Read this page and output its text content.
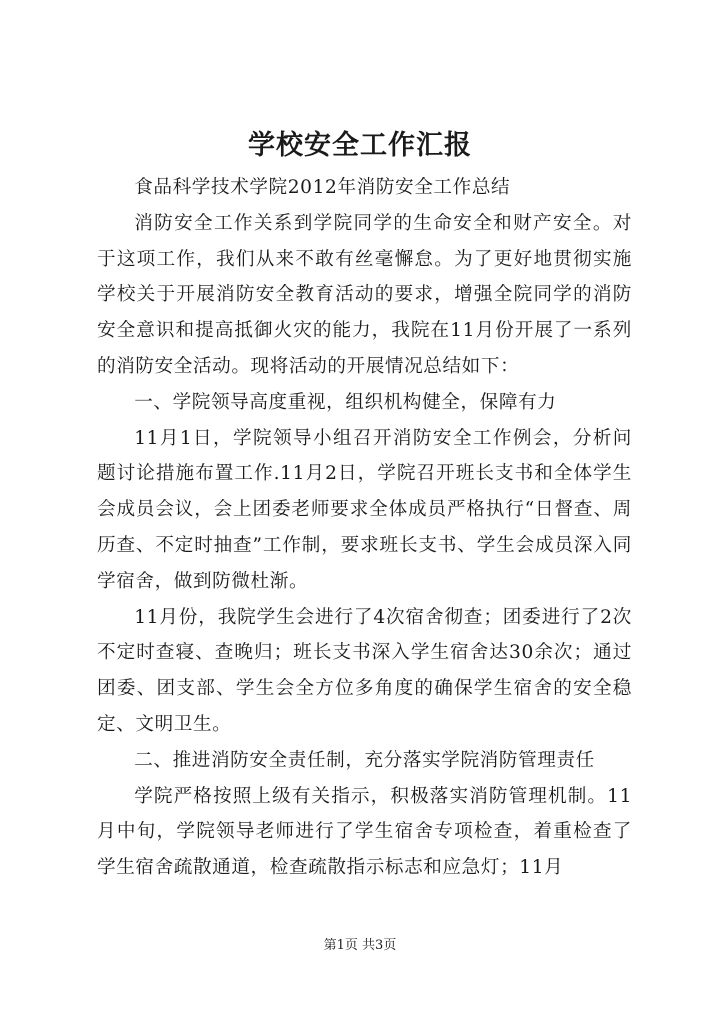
学校安全工作汇报

食品科学技术学院2012年消防安全工作总结

消防安全工作关系到学院同学的生命安全和财产安全。对于这项工作，我们从来不敢有丝毫懈怠。为了更好地贯彻实施学校关于开展消防安全教育活动的要求，增强全院同学的消防安全意识和提高抵御火灾的能力，我院在11月份开展了一系列的消防安全活动。现将活动的开展情况总结如下：

一、学院领导高度重视，组织机构健全，保障有力

11月1日，学院领导小组召开消防安全工作例会，分析问题讨论措施布置工作.11月2日，学院召开班长支书和全体学生会成员会议，会上团委老师要求全体成员严格执行“日督查、周历查、不定时抽查”工作制，要求班长支书、学生会成员深入同学宿舍，做到防微杜渐。

11月份，我院学生会进行了4次宿舍彻查；团委进行了2次不定时查寝、查晚归；班长支书深入学生宿舍达30余次；通过团委、团支部、学生会全方位多角度的确保学生宿舍的安全稳定、文明卫生。

二、推进消防安全责任制，充分落实学院消防管理责任

学院严格按照上级有关指示，积极落实消防管理机制。11月中旬，学院领导老师进行了学生宿舍专项检查，着重检查了学生宿舍疏散通道，检查疏散指示标志和应急灯；11月

第1页 共3页
